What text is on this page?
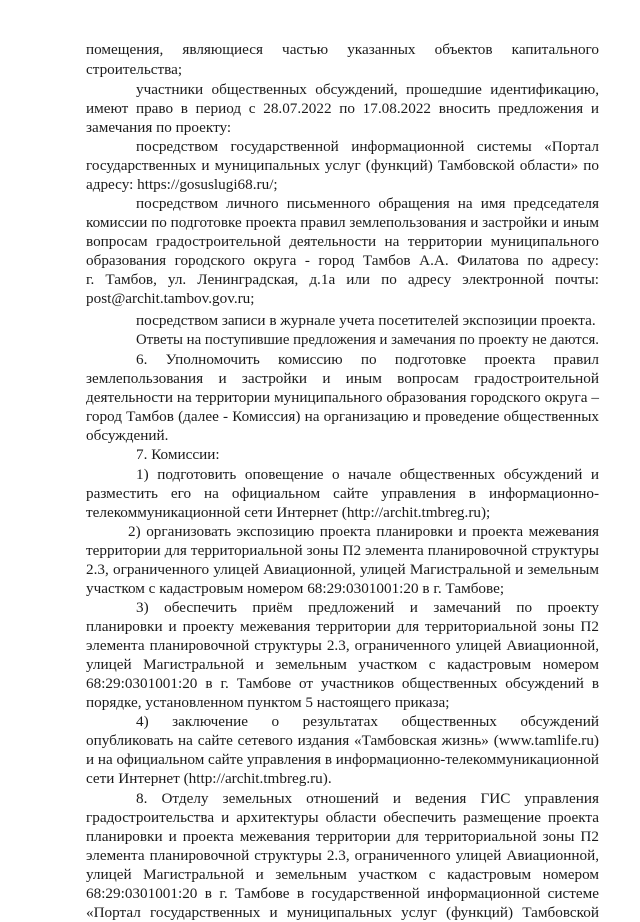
помещения, являющиеся частью указанных объектов капитального
строительства;
участники общественных обсуждений, прошедшие идентификацию,
имеют право в период с 28.07.2022 по 17.08.2022 вносить предложения и
замечания по проекту:
посредством государственной информационной системы «Портал
государственных и муниципальных услуг (функций) Тамбовской области» по
адресу: https://gosuslugi68.ru/;
посредством личного письменного обращения на имя председателя
комиссии по подготовке проекта правил землепользования и застройки и иным
вопросам градостроительной деятельности на территории муниципального
образования городского округа - город Тамбов А.А. Филатова по адресу:
г. Тамбов, ул. Ленинградская, д.1а или по адресу электронной почты:
post@archit.tambov.gov.ru;
посредством записи в журнале учета посетителей экспозиции проекта.
Ответы на поступившие предложения и замечания по проекту не даются.
6. Уполномочить комиссию по подготовке проекта правил
землепользования и застройки и иным вопросам градостроительной
деятельности на территории муниципального образования городского округа –
город Тамбов (далее - Комиссия) на организацию и проведение общественных
обсуждений.
7. Комиссии:
1) подготовить оповещение о начале общественных обсуждений и
разместить его на официальном сайте управления в информационно-
телекоммуникационной сети Интернет (http://archit.tmbreg.ru);
2) организовать экспозицию проекта планировки и проекта межевания
территории для территориальной зоны П2 элемента планировочной структуры
2.3, ограниченного улицей Авиационной, улицей Магистральной и земельным
участком с кадастровым номером 68:29:0301001:20 в г. Тамбове;
3) обеспечить приём предложений и замечаний по проекту
планировки и проекту межевания территории для территориальной зоны П2
элемента планировочной структуры 2.3, ограниченного улицей Авиационной,
улицей Магистральной и земельным участком с кадастровым номером
68:29:0301001:20 в г. Тамбове от участников общественных обсуждений в
порядке, установленном пунктом 5 настоящего приказа;
4) заключение о результатах общественных обсуждений
опубликовать на сайте сетевого издания «Тамбовская жизнь» (www.tamlife.ru)
и на официальном сайте управления в информационно-телекоммуникационной
сети Интернет (http://archit.tmbreg.ru).
8. Отделу земельных отношений и ведения ГИС управления
градостроительства и архитектуры области обеспечить размещение проекта
планировки и проекта межевания территории для территориальной зоны П2
элемента планировочной структуры 2.3, ограниченного улицей Авиационной,
улицей Магистральной и земельным участком с кадастровым номером
68:29:0301001:20 в г. Тамбове в государственной информационной системе
«Портал государственных и муниципальных услуг (функций) Тамбовской
